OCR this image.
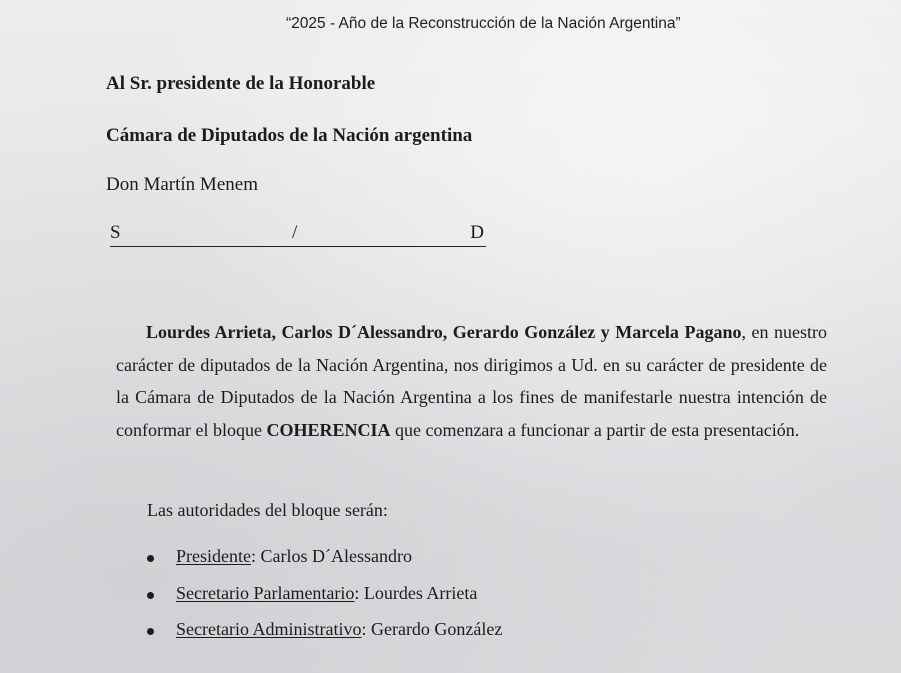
“2025 - Año de la Reconstrucción de la Nación Argentina”
Al Sr. presidente de la Honorable
Cámara de Diputados de la Nación argentina
Don Martín Menem
S	/	D
Lourdes Arrieta, Carlos D´Alessandro, Gerardo González y Marcela Pagano, en nuestro carácter de diputados de la Nación Argentina, nos dirigimos a Ud. en su carácter de presidente de la Cámara de Diputados de la Nación Argentina a los fines de manifestarle nuestra intención de conformar el bloque COHERENCIA que comenzara a funcionar a partir de esta presentación.
Las autoridades del bloque serán:
Presidente: Carlos D´Alessandro
Secretario Parlamentario: Lourdes Arrieta
Secretario Administrativo: Gerardo González
